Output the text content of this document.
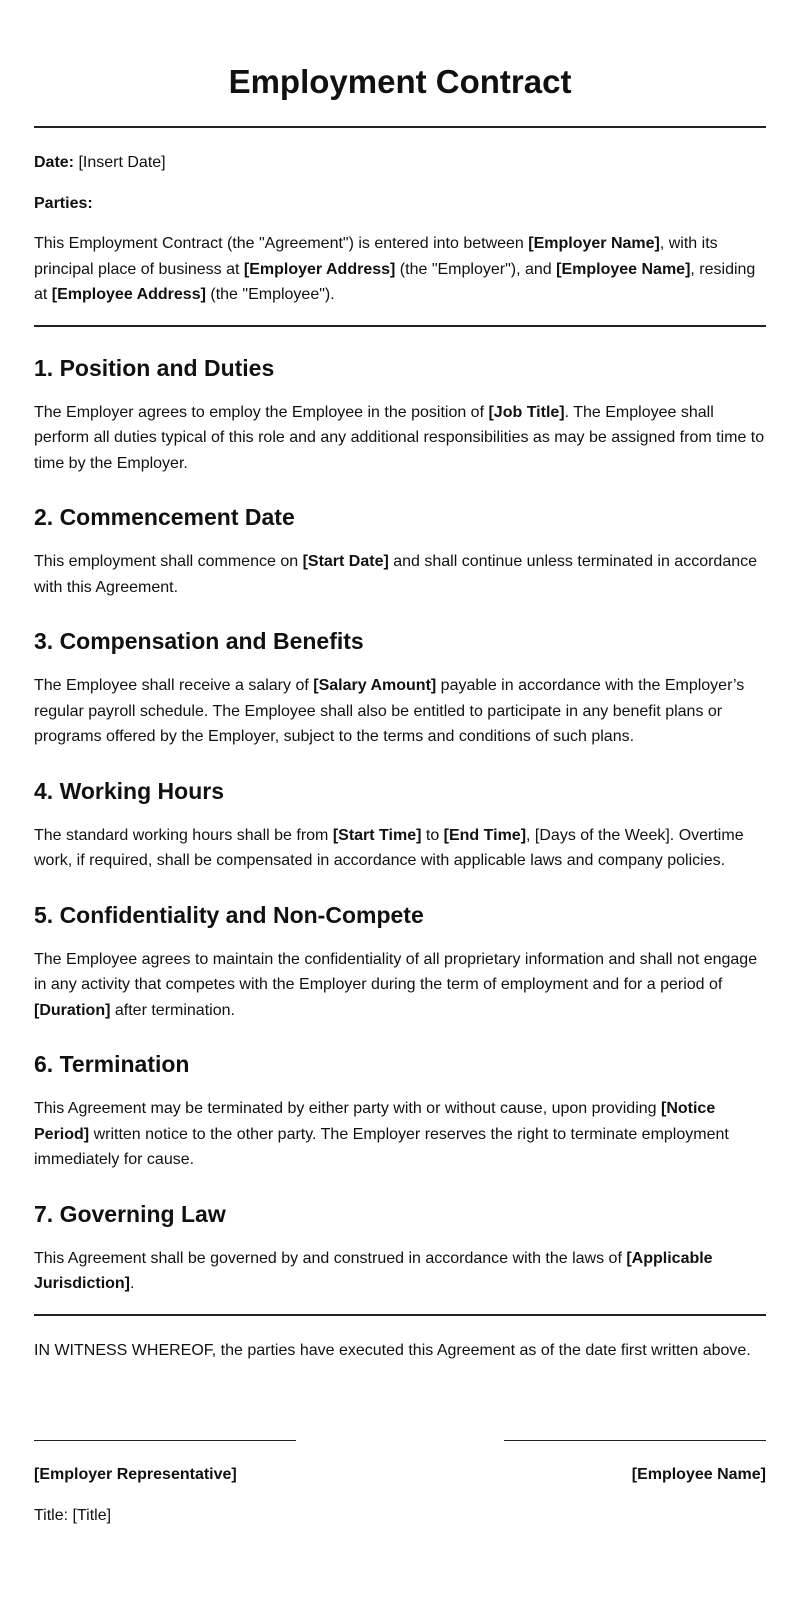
Employment Contract

Date: [Insert Date]

Parties:

This Employment Contract (the "Agreement") is entered into between [Employer Name], with its principal place of business at [Employer Address] (the "Employer"), and [Employee Name], residing at [Employee Address] (the "Employee").

1. Position and Duties

The Employer agrees to employ the Employee in the position of [Job Title]. The Employee shall perform all duties typical of this role and any additional responsibilities as may be assigned from time to time by the Employer.

2. Commencement Date

This employment shall commence on [Start Date] and shall continue unless terminated in accordance with this Agreement.

3. Compensation and Benefits

The Employee shall receive a salary of [Salary Amount] payable in accordance with the Employer’s regular payroll schedule. The Employee shall also be entitled to participate in any benefit plans or programs offered by the Employer, subject to the terms and conditions of such plans.

4. Working Hours

The standard working hours shall be from [Start Time] to [End Time], [Days of the Week]. Overtime work, if required, shall be compensated in accordance with applicable laws and company policies.

5. Confidentiality and Non-Compete

The Employee agrees to maintain the confidentiality of all proprietary information and shall not engage in any activity that competes with the Employer during the term of employment and for a period of [Duration] after termination.

6. Termination

This Agreement may be terminated by either party with or without cause, upon providing [Notice Period] written notice to the other party. The Employer reserves the right to terminate employment immediately for cause.

7. Governing Law

This Agreement shall be governed by and construed in accordance with the laws of [Applicable Jurisdiction].

IN WITNESS WHEREOF, the parties have executed this Agreement as of the date first written above.

[Employer Representative]	[Employee Name]

Title: [Title]
